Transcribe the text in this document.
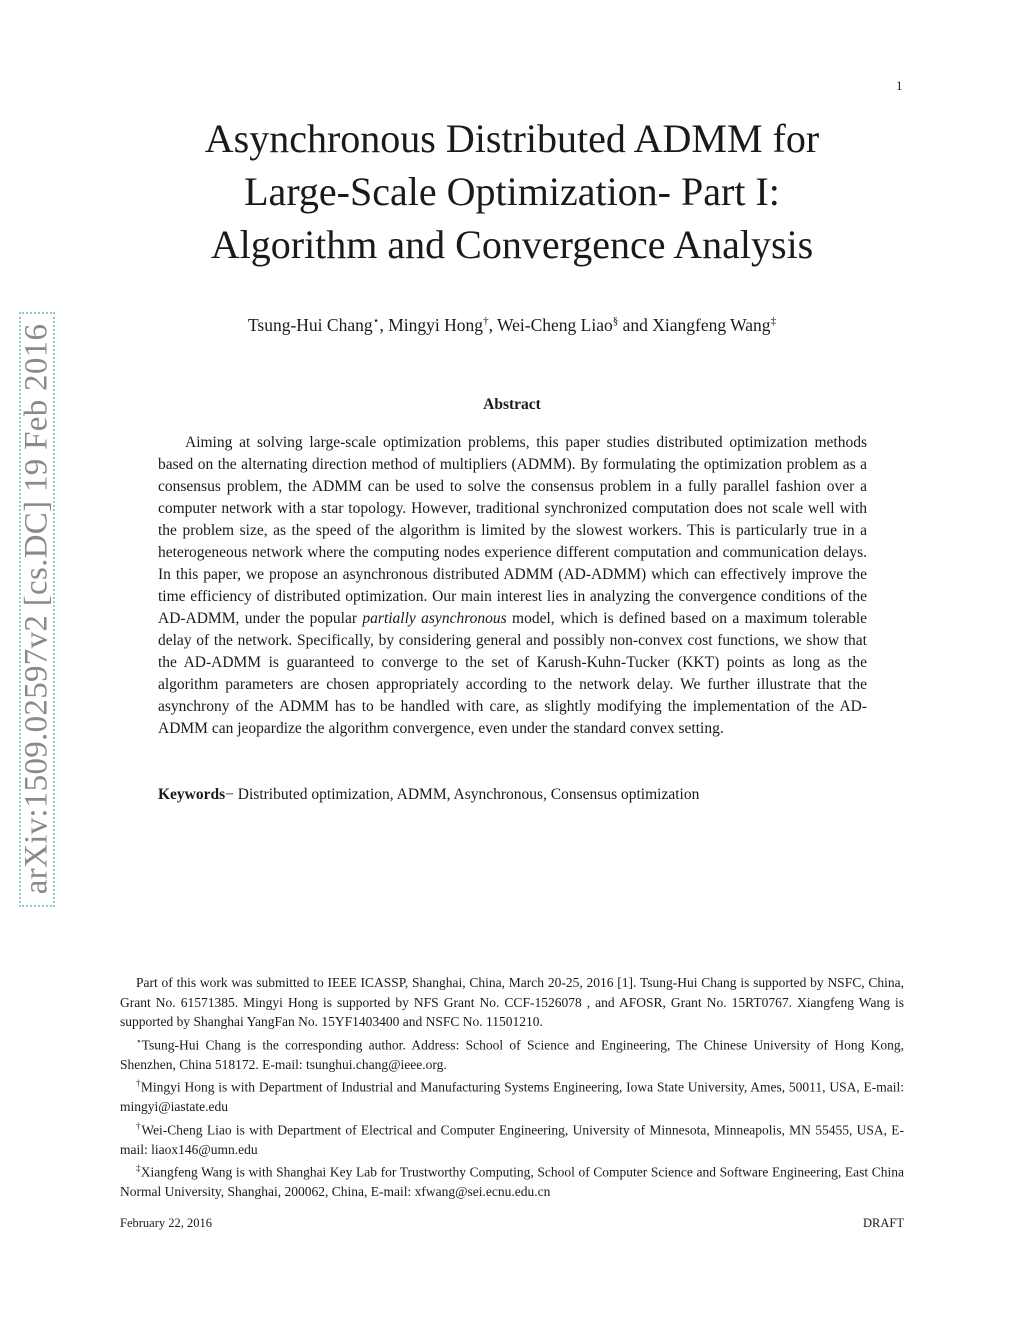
1
arXiv:1509.02597v2 [cs.DC] 19 Feb 2016
Asynchronous Distributed ADMM for
Large-Scale Optimization- Part I:
Algorithm and Convergence Analysis
Tsung-Hui Chang⋆, Mingyi Hong†, Wei-Cheng Liao§ and Xiangfeng Wang‡
Abstract

Aiming at solving large-scale optimization problems, this paper studies distributed optimization methods based on the alternating direction method of multipliers (ADMM). By formulating the optimization problem as a consensus problem, the ADMM can be used to solve the consensus problem in a fully parallel fashion over a computer network with a star topology. However, traditional synchronized computation does not scale well with the problem size, as the speed of the algorithm is limited by the slowest workers. This is particularly true in a heterogeneous network where the computing nodes experience different computation and communication delays. In this paper, we propose an asynchronous distributed ADMM (AD-ADMM) which can effectively improve the time efficiency of distributed optimization. Our main interest lies in analyzing the convergence conditions of the AD-ADMM, under the popular partially asynchronous model, which is defined based on a maximum tolerable delay of the network. Specifically, by considering general and possibly non-convex cost functions, we show that the AD-ADMM is guaranteed to converge to the set of Karush-Kuhn-Tucker (KKT) points as long as the algorithm parameters are chosen appropriately according to the network delay. We further illustrate that the asynchrony of the ADMM has to be handled with care, as slightly modifying the implementation of the AD-ADMM can jeopardize the algorithm convergence, even under the standard convex setting.

Keywords− Distributed optimization, ADMM, Asynchronous, Consensus optimization

Part of this work was submitted to IEEE ICASSP, Shanghai, China, March 20-25, 2016 [1]. Tsung-Hui Chang is supported by NSFC, China, Grant No. 61571385. Mingyi Hong is supported by NFS Grant No. CCF-1526078 , and AFOSR, Grant No. 15RT0767. Xiangfeng Wang is supported by Shanghai YangFan No. 15YF1403400 and NSFC No. 11501210.

⋆Tsung-Hui Chang is the corresponding author. Address: School of Science and Engineering, The Chinese University of Hong Kong, Shenzhen, China 518172. E-mail: tsunghui.chang@ieee.org.

†Mingyi Hong is with Department of Industrial and Manufacturing Systems Engineering, Iowa State University, Ames, 50011, USA, E-mail: mingyi@iastate.edu

†Wei-Cheng Liao is with Department of Electrical and Computer Engineering, University of Minnesota, Minneapolis, MN 55455, USA, E-mail: liaox146@umn.edu

‡Xiangfeng Wang is with Shanghai Key Lab for Trustworthy Computing, School of Computer Science and Software Engineering, East China Normal University, Shanghai, 200062, China, E-mail: xfwang@sei.ecnu.edu.cn

February 22, 2016	DRAFT
